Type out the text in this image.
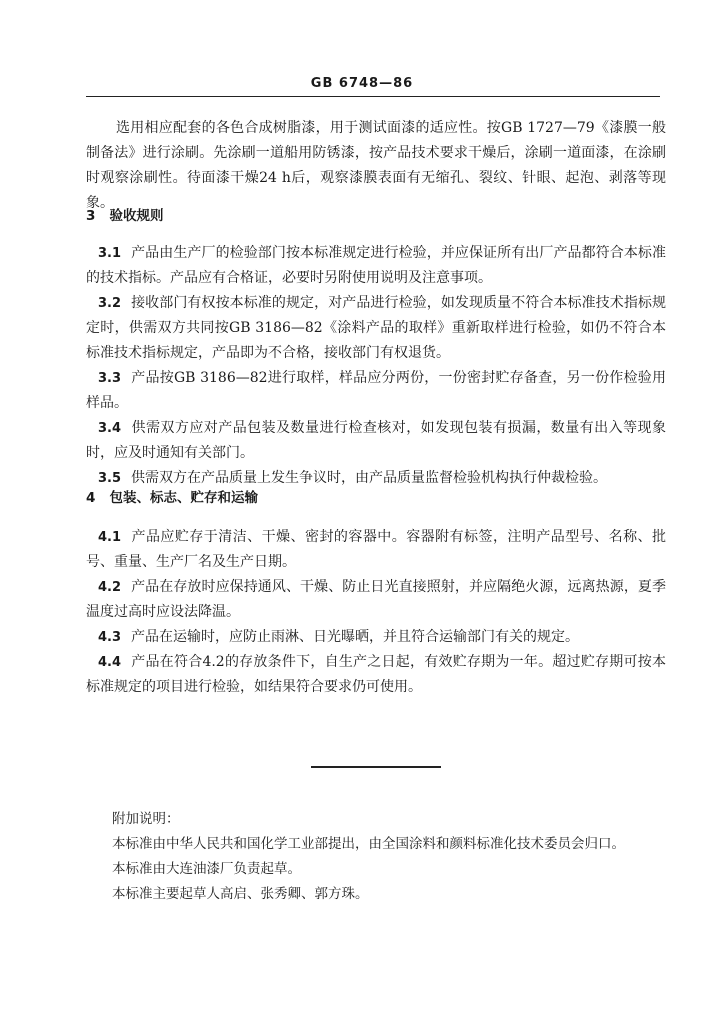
GB 6748—86

选用相应配套的各色合成树脂漆，用于测试面漆的适应性。按GB 1727—79《漆膜一般制备法》进行涂刷。先涂刷一道船用防锈漆，按产品技术要求干燥后，涂刷一道面漆，在涂刷时观察涂刷性。待面漆干燥24 h后，观察漆膜表面有无缩孔、裂纹、针眼、起泡、剥落等现象。

3 验收规则

3.1 产品由生产厂的检验部门按本标准规定进行检验，并应保证所有出厂产品都符合本标准的技术指标。产品应有合格证，必要时另附使用说明及注意事项。

3.2 接收部门有权按本标准的规定，对产品进行检验，如发现质量不符合本标准技术指标规定时，供需双方共同按GB 3186—82《涂料产品的取样》重新取样进行检验，如仍不符合本标准技术指标规定，产品即为不合格，接收部门有权退货。

3.3 产品按GB 3186—82进行取样，样品应分两份，一份密封贮存备查，另一份作检验用样品。

3.4 供需双方应对产品包装及数量进行检查核对，如发现包装有损漏，数量有出入等现象时，应及时通知有关部门。

3.5 供需双方在产品质量上发生争议时，由产品质量监督检验机构执行仲裁检验。

4 包装、标志、贮存和运输

4.1 产品应贮存于清洁、干燥、密封的容器中。容器附有标签，注明产品型号、名称、批号、重量、生产厂名及生产日期。

4.2 产品在存放时应保持通风、干燥、防止日光直接照射，并应隔绝火源，远离热源，夏季温度过高时应设法降温。

4.3 产品在运输时，应防止雨淋、日光曝晒，并且符合运输部门有关的规定。

4.4 产品在符合4.2的存放条件下，自生产之日起，有效贮存期为一年。超过贮存期可按本标准规定的项目进行检验，如结果符合要求仍可使用。

附加说明：

本标准由中华人民共和国化学工业部提出，由全国涂料和颜料标准化技术委员会归口。

本标准由大连油漆厂负责起草。

本标准主要起草人高启、张秀卿、郭方珠。
